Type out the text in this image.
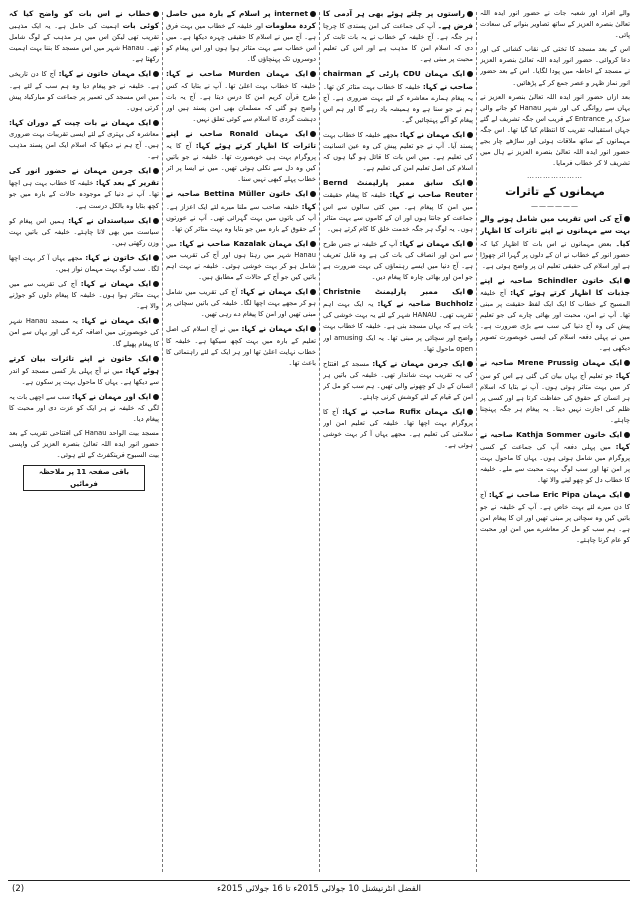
والے افراد اور شعبہ جات نے حضور انور ایدہ اللہ تعالیٰ بنصرہ العزیز کے ساتھ تصاویر بنوانے کی سعادت پائی۔
اس کے بعد مسجد کا تختی کی نقاب کشائی کی اور دعا کروائی۔ حضور انور ایدہ اللہ تعالیٰ بنصرہ العزیز نے مسجد کے احاطہ میں پودا لگایا۔ اس کے بعد حضور انور نماز ظہر و عصر جمع کر کے پڑھائیں۔
بعد ازاں حضور انور ایدہ اللہ تعالیٰ بنصرہ العزیز نے یہاں سے روانگی کی اور شہر Hanau کو جانے والی سڑک پر Entrance کے قریب اس جگہ تشریف لے گئے جہاں استقبالیہ تقریب کا انتظام کیا گیا تھا۔ اس جگہ مہمانوں کے ساتھ ملاقات ہوئی اور ساڑھے چار بجے حضور انور ایدہ اللہ تعالیٰ بنصرہ العزیز نے ہال میں تشریف لا کر خطاب فرمایا۔
…………………
مہمانوں کے تاثرات
——————
آج کی اس تقریب میں شامل ہونے والے بہت سے مہمانوں نے اپنے تاثرات کا اظہار کیا۔ بعض مہمانوں نے اس بات کا اظہار کیا کہ حضور انور کے خطاب نے ان کے دلوں پر گہرا اثر چھوڑا ہے اور اسلام کی حقیقی تعلیم ان پر واضح ہوئی ہے۔
ایک خاتون Schindler صاحبہ نے اپنے جذبات کا اظہار کرتے ہوئے کہا: آج خلیفۃ المسیح کے خطاب کا ایک ایک لفظ حقیقت پر مبنی تھا۔ آپ نے امن، محبت اور بھائی چارے کی جو تعلیم پیش کی وہ آج دنیا کی سب سے بڑی ضرورت ہے۔ میں نے پہلی دفعہ اسلام کی ایسی خوبصورت تصویر دیکھی ہے۔
ایک مہمان Mrene Prussig صاحبہ نے کہا: جو تعلیم آج یہاں بیان کی گئی ہے اس کو سن کر میں بہت متاثر ہوئی ہوں۔ آپ نے بتایا کہ اسلام ہر انسان کے حقوق کی حفاظت کرتا ہے اور کسی پر ظلم کی اجازت نہیں دیتا۔ یہ پیغام ہر جگہ پہنچنا چاہئے۔
ایک خاتون Kathja Sommer صاحبہ نے کہا: میں پہلی دفعہ آپ کی جماعت کے کسی پروگرام میں شامل ہوئی ہوں۔ یہاں کا ماحول بہت پر امن تھا اور سب لوگ بہت محبت سے ملے۔ خلیفہ کا خطاب دل کو چھو لینے والا تھا۔
ایک مہمان Eric Pipa صاحب نے کہا: آج کا دن میرے لئے بہت خاص ہے۔ آپ کے خلیفہ نے جو باتیں کیں وہ سچائی پر مبنی تھیں اور ان کا پیغام امن ہے۔ ہم سب کو مل کر معاشرے میں امن اور محبت کو عام کرنا چاہئے۔
راستوں پر چلتے ہوئے بھی ہر آدمی کا فرض ہے۔ آپ کی جماعت کی امن پسندی کا چرچا ہر جگہ ہے۔ آج خلیفہ کے خطاب نے یہ بات ثابت کر دی کہ اسلام امن کا مذہب ہے اور اس کی تعلیم محبت پر مبنی ہے۔
ایک مہمان CDU پارٹی کے chairman صاحب نے کہا: خلیفہ کا خطاب بہت متاثر کن تھا۔ یہ پیغام ہمارے معاشرہ کے لئے بہت ضروری ہے۔ آج ہم نے جو سنا ہے وہ ہمیشہ یاد رہے گا اور ہم اس پیغام کو آگے پہنچائیں گے۔
ایک مہمان نے کہا: مجھے خلیفہ کا خطاب بہت پسند آیا۔ آپ نے جو تعلیم پیش کی وہ عین انسانیت کی تعلیم ہے۔ میں اس بات کا قائل ہو گیا ہوں کہ اسلام کی اصل تعلیم امن کی تعلیم ہے۔
ایک سابق ممبر پارلیمنٹ Bernd Reuter صاحب نے کہا: خلیفہ کا پیغام حقیقت میں امن کا پیغام ہے۔ میں کئی سالوں سے اس جماعت کو جانتا ہوں اور ان کے کاموں سے بہت متاثر ہوں۔ یہ لوگ ہر جگہ خدمت خلق کا کام کرتے ہیں۔
ایک مہمان نے کہا: آپ کے خلیفہ نے جس طرح سے امن اور انصاف کی بات کی ہے وہ قابل تعریف ہے۔ آج دنیا میں ایسے رہنماؤں کی بہت ضرورت ہے جو امن اور بھائی چارہ کا پیغام دیں۔
ایک ممبر پارلیمنٹ Christnie Buchholz صاحبہ نے کہا: یہ ایک بہت اہم تقریب تھی۔ HANAU شہر کے لئے یہ بہت خوشی کی بات ہے کہ یہاں مسجد بنی ہے۔ خلیفہ کا خطاب بہت واضح اور سچائی پر مبنی تھا۔ یہ ایک amusing اور open ماحول تھا۔
ایک جرمن مہمان نے کہا: مسجد کے افتتاح کی یہ تقریب بہت شاندار تھی۔ خلیفہ کی باتیں ہر انسان کے دل کو چھونے والی تھیں۔ ہم سب کو مل کر امن کے قیام کے لئے کوشش کرنی چاہئے۔
ایک مہمان Rufix صاحب نے کہا: آج کا پروگرام بہت اچھا تھا۔ خلیفہ کی تعلیم امن اور سلامتی کی تعلیم ہے۔ مجھے یہاں آ کر بہت خوشی ہوئی ہے۔
internet پر اسلام کے بارہ میں حاصل کردہ معلومات اور خلیفہ کے خطاب میں بہت فرق ہے۔ آج میں نے اسلام کا حقیقی چہرہ دیکھا ہے۔ میں اس خطاب سے بہت متاثر ہوا ہوں اور اس پیغام کو دوسروں تک پہنچاؤں گا۔
ایک مہمان Murden صاحب نے کہا: خلیفہ کا خطاب بہت اعلیٰ تھا۔ آپ نے بتایا کہ کس طرح قرآن کریم امن کا درس دیتا ہے۔ آج یہ بات واضح ہو گئی کہ مسلمان بھی امن پسند ہیں اور دہشت گردی کا اسلام سے کوئی تعلق نہیں۔
ایک مہمان Ronald صاحب نے اپنے تاثرات کا اظہار کرتے ہوئے کہا: آج کا یہ پروگرام بہت ہی خوبصورت تھا۔ خلیفہ نے جو باتیں کیں وہ دل سے نکلی ہوئی تھیں۔ میں نے ایسا پر اثر خطاب پہلے کبھی نہیں سنا۔
ایک خاتون Bettina Müller صاحبہ نے کہا: خلیفہ صاحب سے ملنا میرے لئے ایک اعزاز ہے۔ آپ کی باتوں میں بہت گہرائی تھی۔ آپ نے عورتوں کے حقوق کے بارہ میں جو بتایا وہ بہت متاثر کن تھا۔
ایک مہمان Kazalak صاحب نے کہا: میں Hanau شہر میں رہتا ہوں اور آج کی تقریب میں شامل ہو کر بہت خوشی ہوئی۔ خلیفہ نے بہت اہم باتیں کیں جو آج کے حالات کے مطابق ہیں۔
ایک مہمان نے کہا: آج کی تقریب میں شامل ہو کر مجھے بہت اچھا لگا۔ خلیفہ کی باتیں سچائی پر مبنی تھیں اور امن کا پیغام دے رہی تھیں۔
ایک مہمان نے کہا: میں نے آج اسلام کی اصل تعلیم کے بارہ میں بہت کچھ سیکھا ہے۔ خلیفہ کا خطاب نہایت اعلیٰ تھا اور ہر ایک کے لئے راہنمائی کا باعث تھا۔
خطاب نے اس بات کو واضح کیا کہ کوئی بات اہمیت کی حامل ہے۔ یہ ایک مذہبی تقریب تھی لیکن اس میں ہر مذہب کے لوگ شامل تھے۔ Hanau شہر میں اس مسجد کا بننا بہت اہمیت رکھتا ہے۔
ایک مہمان خاتون نے کہا: آج کا دن تاریخی ہے۔ خلیفہ نے جو پیغام دیا وہ ہم سب کے لئے ہے۔ میں اس مسجد کی تعمیر پر جماعت کو مبارکباد پیش کرتی ہوں۔
ایک مہمان نے بات چیت کے دوران کہا: معاشرہ کی بہتری کے لئے ایسی تقریبات بہت ضروری ہیں۔ آج ہم نے دیکھا کہ اسلام ایک امن پسند مذہب ہے۔
ایک جرمن مہمان نے حضور انور کی تقریر کے بعد کہا: خلیفہ کا خطاب بہت ہی اچھا تھا۔ آپ نے دنیا کے موجودہ حالات کے بارہ میں جو کچھ بتایا وہ بالکل درست ہے۔
ایک سیاستدان نے کہا: ہمیں اس پیغام کو سیاست میں بھی لانا چاہئے۔ خلیفہ کی باتیں بہت وزن رکھتی ہیں۔
ایک خاتون نے کہا: مجھے یہاں آ کر بہت اچھا لگا۔ سب لوگ بہت مہمان نواز ہیں۔
ایک مہمان نے کہا: آج کی تقریب سے میں بہت متاثر ہوا ہوں۔ خلیفہ کا پیغام دلوں کو جوڑنے والا ہے۔
ایک مہمان نے کہا: یہ مسجد Hanau شہر کی خوبصورتی میں اضافہ کرے گی اور یہاں سے امن کا پیغام پھیلے گا۔
ایک خاتون نے اپنے تاثرات بیان کرتے ہوئے کہا: میں نے آج پہلی بار کسی مسجد کو اندر سے دیکھا ہے۔ یہاں کا ماحول بہت پر سکون ہے۔
ایک اور مہمان نے کہا: سب سے اچھی بات یہ لگی کہ خلیفہ نے ہر ایک کو عزت دی اور محبت کا پیغام دیا۔
مسجد بیت الواحد Hanau کی افتتاحی تقریب کے بعد حضور انور ایدہ اللہ تعالیٰ بنصرہ العزیز کی واپسی بیت السبوح فرینکفرٹ کے لئے ہوئی۔
باقی صفحہ 11 پر ملاحظہ فرمائیں
(2)	الفضل انٹرنیشنل 10 جولائی 2015ء تا 16 جولائی 2015ء
